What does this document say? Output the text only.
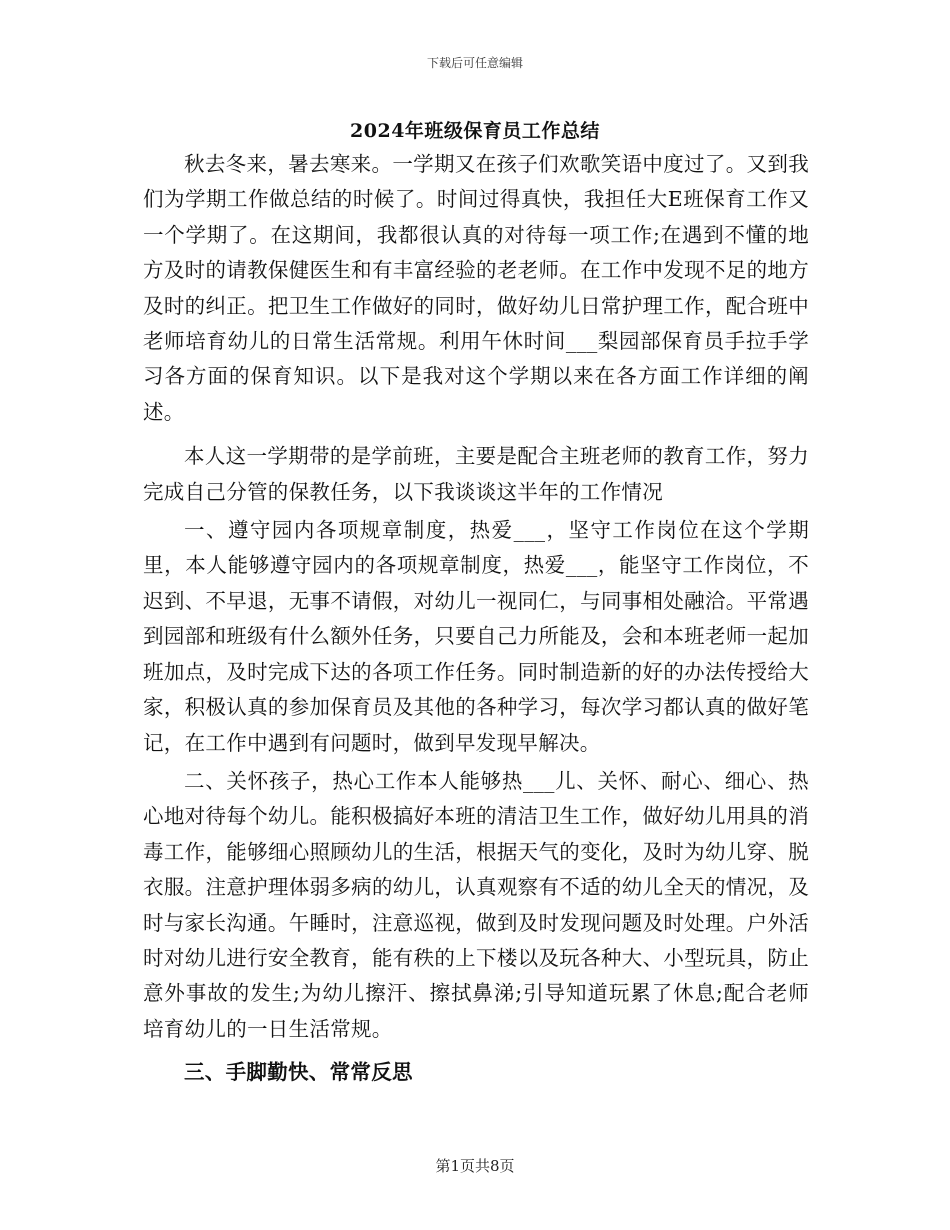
下载后可任意编辑
2024年班级保育员工作总结

秋去冬来，暑去寒来。一学期又在孩子们欢歌笑语中度过了。又到我们为学期工作做总结的时候了。时间过得真快，我担任大E班保育工作又一个学期了。在这期间，我都很认真的对待每一项工作;在遇到不懂的地方及时的请教保健医生和有丰富经验的老老师。在工作中发现不足的地方及时的纠正。把卫生工作做好的同时，做好幼儿日常护理工作，配合班中老师培育幼儿的日常生活常规。利用午休时间___梨园部保育员手拉手学习各方面的保育知识。以下是我对这个学期以来在各方面工作详细的阐述。

本人这一学期带的是学前班，主要是配合主班老师的教育工作，努力完成自己分管的保教任务，以下我谈谈这半年的工作情况

一、遵守园内各项规章制度，热爱___，坚守工作岗位在这个学期里，本人能够遵守园内的各项规章制度，热爱___，能坚守工作岗位，不迟到、不早退，无事不请假，对幼儿一视同仁，与同事相处融洽。平常遇到园部和班级有什么额外任务，只要自己力所能及，会和本班老师一起加班加点，及时完成下达的各项工作任务。同时制造新的好的办法传授给大家，积极认真的参加保育员及其他的各种学习，每次学习都认真的做好笔记，在工作中遇到有问题时，做到早发现早解决。

二、关怀孩子，热心工作本人能够热___儿、关怀、耐心、细心、热心地对待每个幼儿。能积极搞好本班的清洁卫生工作，做好幼儿用具的消毒工作，能够细心照顾幼儿的生活，根据天气的变化，及时为幼儿穿、脱衣服。注意护理体弱多病的幼儿，认真观察有不适的幼儿全天的情况，及时与家长沟通。午睡时，注意巡视，做到及时发现问题及时处理。户外活时对幼儿进行安全教育，能有秩的上下楼以及玩各种大、小型玩具，防止意外事故的发生;为幼儿擦汗、擦拭鼻涕;引导知道玩累了休息;配合老师培育幼儿的一日生活常规。

三、手脚勤快、常常反思

第1页共8页
